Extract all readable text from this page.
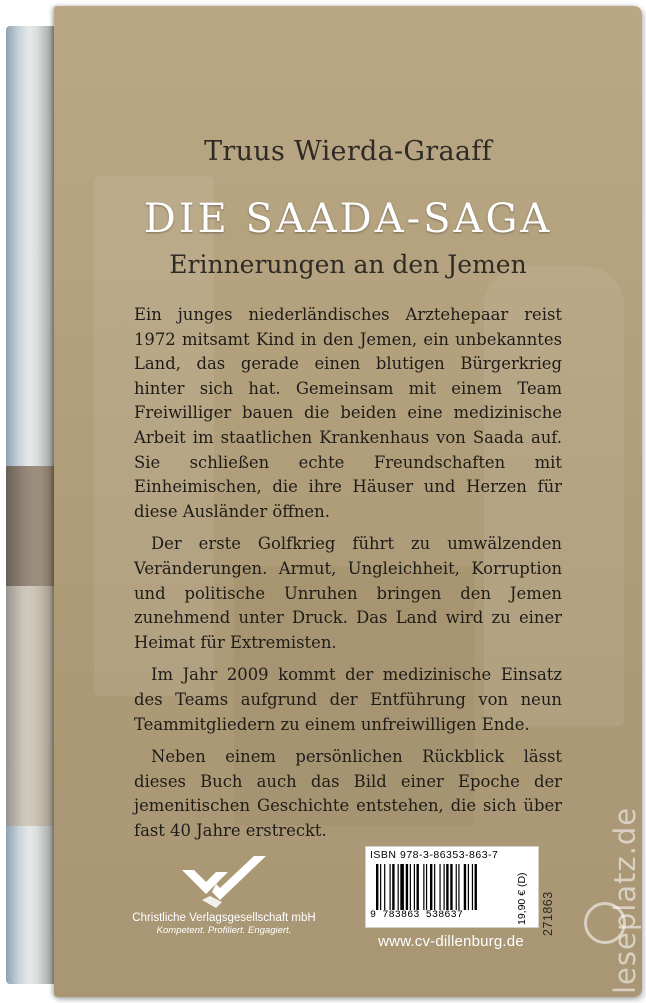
Truus Wierda-Graaff
DIE SAADA-SAGA
Erinnerungen an den Jemen

Ein junges niederländisches Arztehepaar reist 1972 mitsamt Kind in den Jemen, ein unbekanntes Land, das gerade einen blutigen Bürgerkrieg hinter sich hat. Gemeinsam mit einem Team Freiwilliger bauen die beiden eine medizinische Arbeit im staatlichen Krankenhaus von Saada auf. Sie schließen echte Freundschaften mit Einheimischen, die ihre Häuser und Herzen für diese Ausländer öffnen.

Der erste Golfkrieg führt zu umwälzenden Veränderungen. Armut, Ungleichheit, Korruption und politische Unruhen bringen den Jemen zunehmend unter Druck. Das Land wird zu einer Heimat für Extremisten.

Im Jahr 2009 kommt der medizinische Einsatz des Teams aufgrund der Entführung von neun Teammitgliedern zu einem unfreiwilligen Ende.

Neben einem persönlichen Rückblick lässt dieses Buch auch das Bild einer Epoche der jemenitischen Geschichte entstehen, die sich über fast 40 Jahre erstreckt.

Christliche Verlagsgesellschaft mbH
Kompetent. Profiliert. Engagiert.
ISBN 978-3-86353-863-7
9 783863 538637	19,90 € (D) 271863
www.cv-dillenburg.de	leseplatz.de
